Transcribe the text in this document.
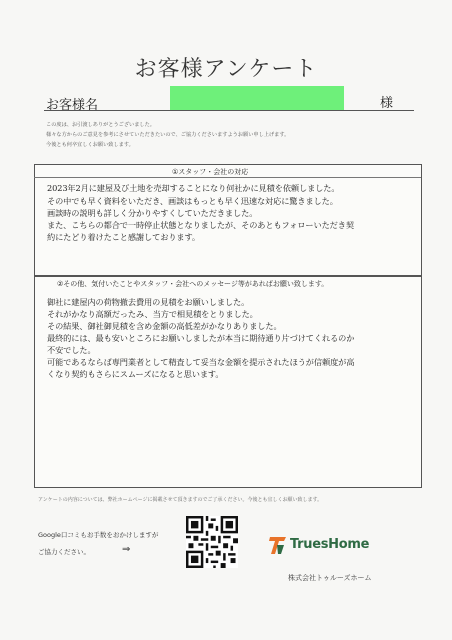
お客様アンケート
お客様名	様
この度は、お引渡しありがとうございました。
様々な方からのご意見を参考にさせていただきたいので、ご協力くださいますようお願い申し上げます。
今後とも何卒宜しくお願い致します。
①スタッフ・会社の対応
2023年2月に建屋及び土地を売却することになり何社かに見積を依頼しました。
その中でも早く資料をいただき、画談はもっとも早く迅速な対応に驚きました。
画談時の説明も詳しく分かりやすくしていただきました。
また、こちらの都合で一時停止状態となりましたが、そのあともフォローいただき契
約にたどり着けたこと感謝しております。
②その他、気付いたことやスタッフ・会社へのメッセージ等があればお願い致します。
御社に建屋内の荷物撤去費用の見積をお願いしました。
それがかなり高額だったみ、当方で相見積をとりました。
その結果、御社御見積を含め金額の高低差がかなりありました。
最終的には、最も安いところにお願いしましたが本当に期待通り片づけてくれるのか
不安でした。
可能であるならば専門業者として精査して妥当な金額を提示されたほうが信頼度が高
くなり契約もさらにスムーズになると思います。
アンケートの内容については、弊社ホームページに掲載させて頂きますのでご了承ください。今後とも宜しくお願い致します。
Google口コミもお手数をおかけしますが
ご協力ください。	⇒	TruesHome
株式会社トゥルーズホーム
